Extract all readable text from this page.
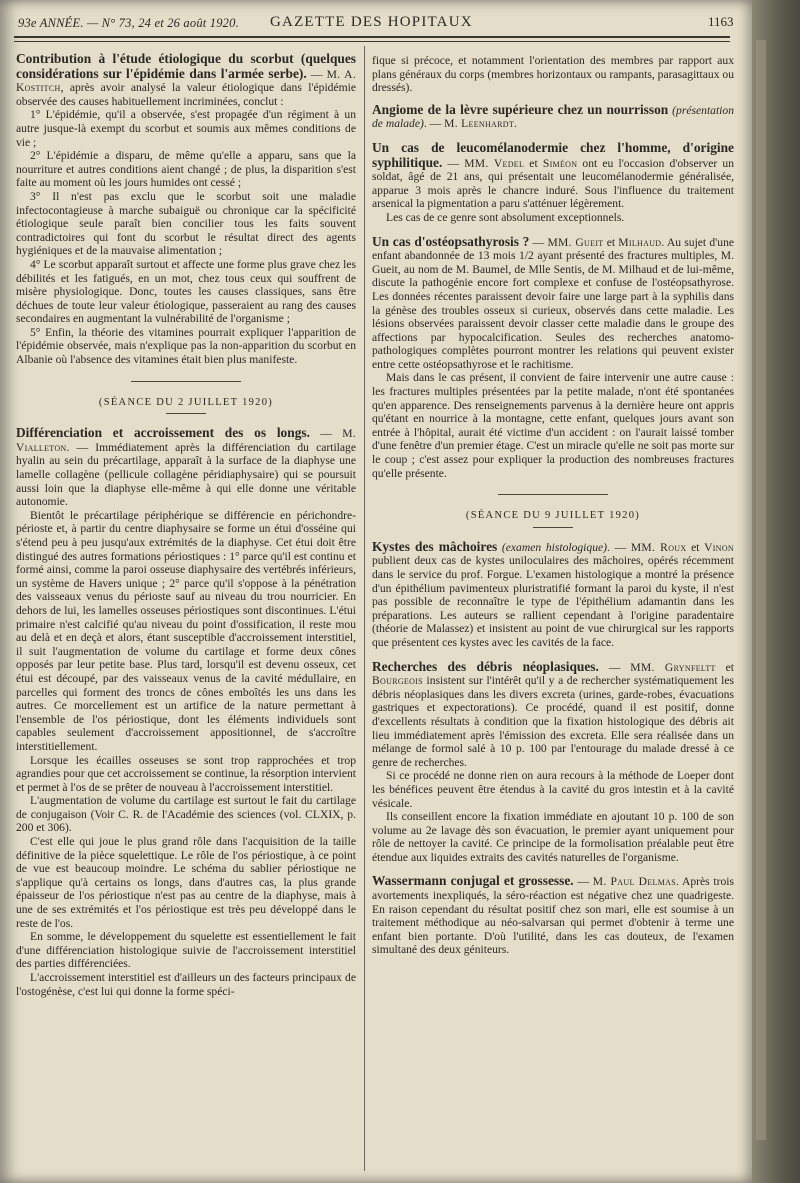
93e ANNÉE. — N° 73, 24 et 26 août 1920. GAZETTE DES HOPITAUX	1163

Contribution à l'étude étiologique du scorbut (quelques considérations sur l'épidémie dans l'armée serbe). — M. A. Kostitch, après avoir analysé la valeur étiologique dans l'épidémie observée des causes habituellement incriminées, conclut :

1° L'épidémie, qu'il a observée, s'est propagée d'un régiment à un autre jusque-là exempt du scorbut et soumis aux mêmes conditions de vie ;

2° L'épidémie a disparu, de même qu'elle a apparu, sans que la nourriture et autres conditions aient changé ; de plus, la disparition s'est faite au moment où les jours humides ont cessé ;

3° Il n'est pas exclu que le scorbut soit une maladie infectocontagieuse à marche subaiguë ou chronique car la spécificité étiologique seule paraît bien concilier tous les faits souvent contradictoires qui font du scorbut le résultat direct des agents hygiéniques et de la mauvaise alimentation ;

4° Le scorbut apparaît surtout et affecte une forme plus grave chez les débilités et les fatigués, en un mot, chez tous ceux qui souffrent de misère physiologique. Donc, toutes les causes classiques, sans être déchues de toute leur valeur étiologique, passeraient au rang des causes secondaires en augmentant la vulnérabilité de l'organisme ;

5° Enfin, la théorie des vitamines pourrait expliquer l'apparition de l'épidémie observée, mais n'explique pas la non-apparition du scorbut en Albanie où l'absence des vitamines était bien plus manifeste.

(SÉANCE DU 2 JUILLET 1920)

Différenciation et accroissement des os longs. — M. Vialleton. — Immédiatement après la différenciation du cartilage hyalin au sein du précartilage, apparaît à la surface de la diaphyse une lamelle collagène (pellicule collagène péridiaphysaire) qui se poursuit aussi loin que la diaphyse elle-même à qui elle donne une véritable autonomie.

Bientôt le précartilage périphérique se différencie en périchondre-périoste et, à partir du centre diaphysaire se forme un étui d'osséine qui s'étend peu à peu jusqu'aux extrémités de la diaphyse. Cet étui doit être distingué des autres formations périostiques : 1° parce qu'il est continu et formé ainsi, comme la paroi osseuse diaphysaire des vertébrés inférieurs, un système de Havers unique ; 2° parce qu'il s'oppose à la pénétration des vaisseaux venus du périoste sauf au niveau du trou nourricier. En dehors de lui, les lamelles osseuses périostiques sont discontinues. L'étui primaire n'est calcifié qu'au niveau du point d'ossification, il reste mou au delà et en deçà et alors, étant susceptible d'accroissement interstitiel, il suit l'augmentation de volume du cartilage et forme deux cônes opposés par leur petite base. Plus tard, lorsqu'il est devenu osseux, cet étui est découpé, par des vaisseaux venus de la cavité médullaire, en parcelles qui forment des troncs de cônes emboîtés les uns dans les autres. Ce morcellement est un artifice de la nature permettant à l'ensemble de l'os périostique, dont les éléments individuels sont capables seulement d'accroissement appositionnel, de s'accroître interstitiellement.

Lorsque les écailles osseuses se sont trop rapprochées et trop agrandies pour que cet accroissement se continue, la résorption intervient et permet à l'os de se prêter de nouveau à l'accroissement interstitiel.

L'augmentation de volume du cartilage est surtout le fait du cartilage de conjugaison (Voir C. R. de l'Académie des sciences (vol. CLXIX, p. 200 et 306).

C'est elle qui joue le plus grand rôle dans l'acquisition de la taille définitive de la pièce squelettique. Le rôle de l'os périostique, à ce point de vue est beaucoup moindre. Le schéma du sablier périostique ne s'applique qu'à certains os longs, dans d'autres cas, la plus grande épaisseur de l'os périostique n'est pas au centre de la diaphyse, mais à une de ses extrémités et l'os périostique est très peu développé dans le reste de l'os.

En somme, le développement du squelette est essentiellement le fait d'une différenciation histologique suivie de l'accroissement interstitiel des parties différenciées.

L'accroissement interstitiel est d'ailleurs un des facteurs principaux de l'ostogénèse, c'est lui qui donne la forme spéci-

fique si précoce, et notamment l'orientation des membres par rapport aux plans généraux du corps (membres horizontaux ou rampants, parasagittaux ou dressés).

Angiome de la lèvre supérieure chez un nourrisson (présentation de malade). — M. Leenhardt.

Un cas de leucomélanodermie chez l'homme, d'origine syphilitique. — MM. Vedel et Siméon ont eu l'occasion d'observer un soldat, âgé de 21 ans, qui présentait une leucomélanodermie généralisée, apparue 3 mois après le chancre induré. Sous l'influence du traitement arsenical la pigmentation a paru s'atténuer légèrement.

Les cas de ce genre sont absolument exceptionnels.

Un cas d'ostéopsathyrosis ? — MM. Gueit et Milhaud. Au sujet d'une enfant abandonnée de 13 mois 1/2 ayant présenté des fractures multiples, M. Gueit, au nom de M. Baumel, de Mlle Sentis, de M. Milhaud et de lui-même, discute la pathogénie encore fort complexe et confuse de l'ostéopsathyrose. Les données récentes paraissent devoir faire une large part à la syphilis dans la génèse des troubles osseux si curieux, observés dans cette maladie. Les lésions observées paraissent devoir classer cette maladie dans le groupe des affections par hypocalcification. Seules des recherches anatomo-pathologiques complètes pourront montrer les relations qui peuvent exister entre cette ostéopsathyrose et le rachitisme.

Mais dans le cas présent, il convient de faire intervenir une autre cause : les fractures multiples présentées par la petite malade, n'ont été spontanées qu'en apparence. Des renseignements parvenus à la dernière heure ont appris qu'étant en nourrice à la montagne, cette enfant, quelques jours avant son entrée à l'hôpital, aurait été victime d'un accident : on l'aurait laissé tomber d'une fenêtre d'un premier étage. C'est un miracle qu'elle ne soit pas morte sur le coup ; c'est assez pour expliquer la production des nombreuses fractures qu'elle présente.

(SÉANCE DU 9 JUILLET 1920)

Kystes des mâchoires (examen histologique). — MM. Roux et Vinon publient deux cas de kystes uniloculaires des mâchoires, opérés récemment dans le service du prof. Forgue. L'examen histologique a montré la présence d'un épithélium pavimenteux pluristratifié formant la paroi du kyste, il n'est pas possible de reconnaître le type de l'épithélium adamantin dans les préparations. Les auteurs se rallient cependant à l'origine paradentaire (théorie de Malassez) et insistent au point de vue chirurgical sur les rapports que présentent ces kystes avec les cavités de la face.

Recherches des débris néoplasiques. — MM. Grynfeltt et Bourgeois insistent sur l'intérêt qu'il y a de rechercher systématiquement les débris néoplasiques dans les divers excreta (urines, garde-robes, évacuations gastriques et expectorations). Ce procédé, quand il est positif, donne d'excellents résultats à condition que la fixation histologique des débris ait lieu immédiatement après l'émission des excreta. Elle sera réalisée dans un mélange de formol salé à 10 p. 100 par l'entourage du malade dressé à ce genre de recherches.

Si ce procédé ne donne rien on aura recours à la méthode de Loeper dont les bénéfices peuvent être étendus à la cavité du gros intestin et à la cavité vésicale.

Ils conseillent encore la fixation immédiate en ajoutant 10 p. 100 de son volume au 2e lavage dès son évacuation, le premier ayant uniquement pour rôle de nettoyer la cavité. Ce principe de la formolisation préalable peut être étendue aux liquides extraits des cavités naturelles de l'organisme.

Wassermann conjugal et grossesse. — M. Paul Delmas. Après trois avortements inexpliqués, la séro-réaction est négative chez une quadrigeste. En raison cependant du résultat positif chez son mari, elle est soumise à un traitement méthodique au néo-salvarsan qui permet d'obtenir à terme une enfant bien portante. D'où l'utilité, dans les cas douteux, de l'examen simultané des deux géniteurs.
